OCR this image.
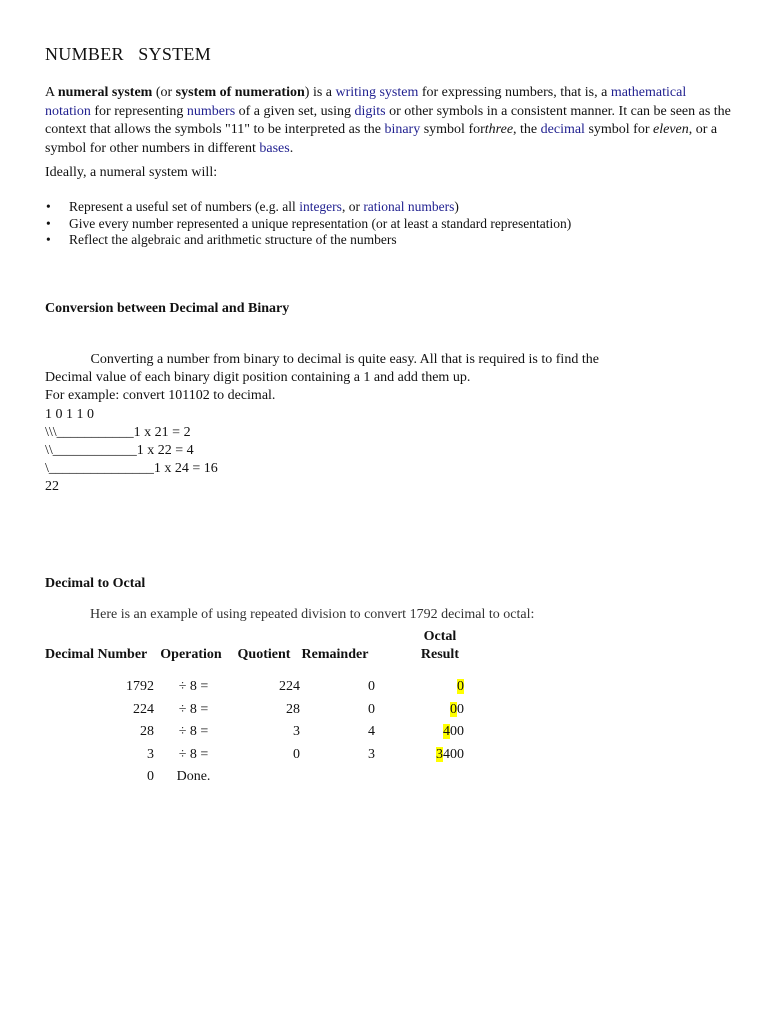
NUMBER   SYSTEM
A numeral system (or system of numeration) is a writing system for expressing numbers, that is, a mathematical notation for representing numbers of a given set, using digits or other symbols in a consistent manner. It can be seen as the context that allows the symbols "11" to be interpreted as the binary symbol forthree, the decimal symbol for eleven, or a symbol for other numbers in different bases.
Ideally, a numeral system will:
• Represent a useful set of numbers (e.g. all integers, or rational numbers)
• Give every number represented a unique representation (or at least a standard representation)
• Reflect the algebraic and arithmetic structure of the numbers
Conversion between Decimal and Binary
Converting a number from binary to decimal is quite easy. All that is required is to find the
Decimal value of each binary digit position containing a 1 and add them up.
For example: convert 101102 to decimal.
1 0 1 1 0
\\\___________1 x 21 = 2
\\____________1 x 22 = 4
\_______________1 x 24 = 16
22
Decimal to Octal
Here is an example of using repeated division to convert 1792 decimal to octal:
Decimal Number	Operation	Quotient	Remainder	Octal
Result
1792	÷ 8 =	224	0	0
224	÷ 8 =	28	0	00
28	÷ 8 =	3	4	400
3	÷ 8 =	0	3	3400
0	Done.			
